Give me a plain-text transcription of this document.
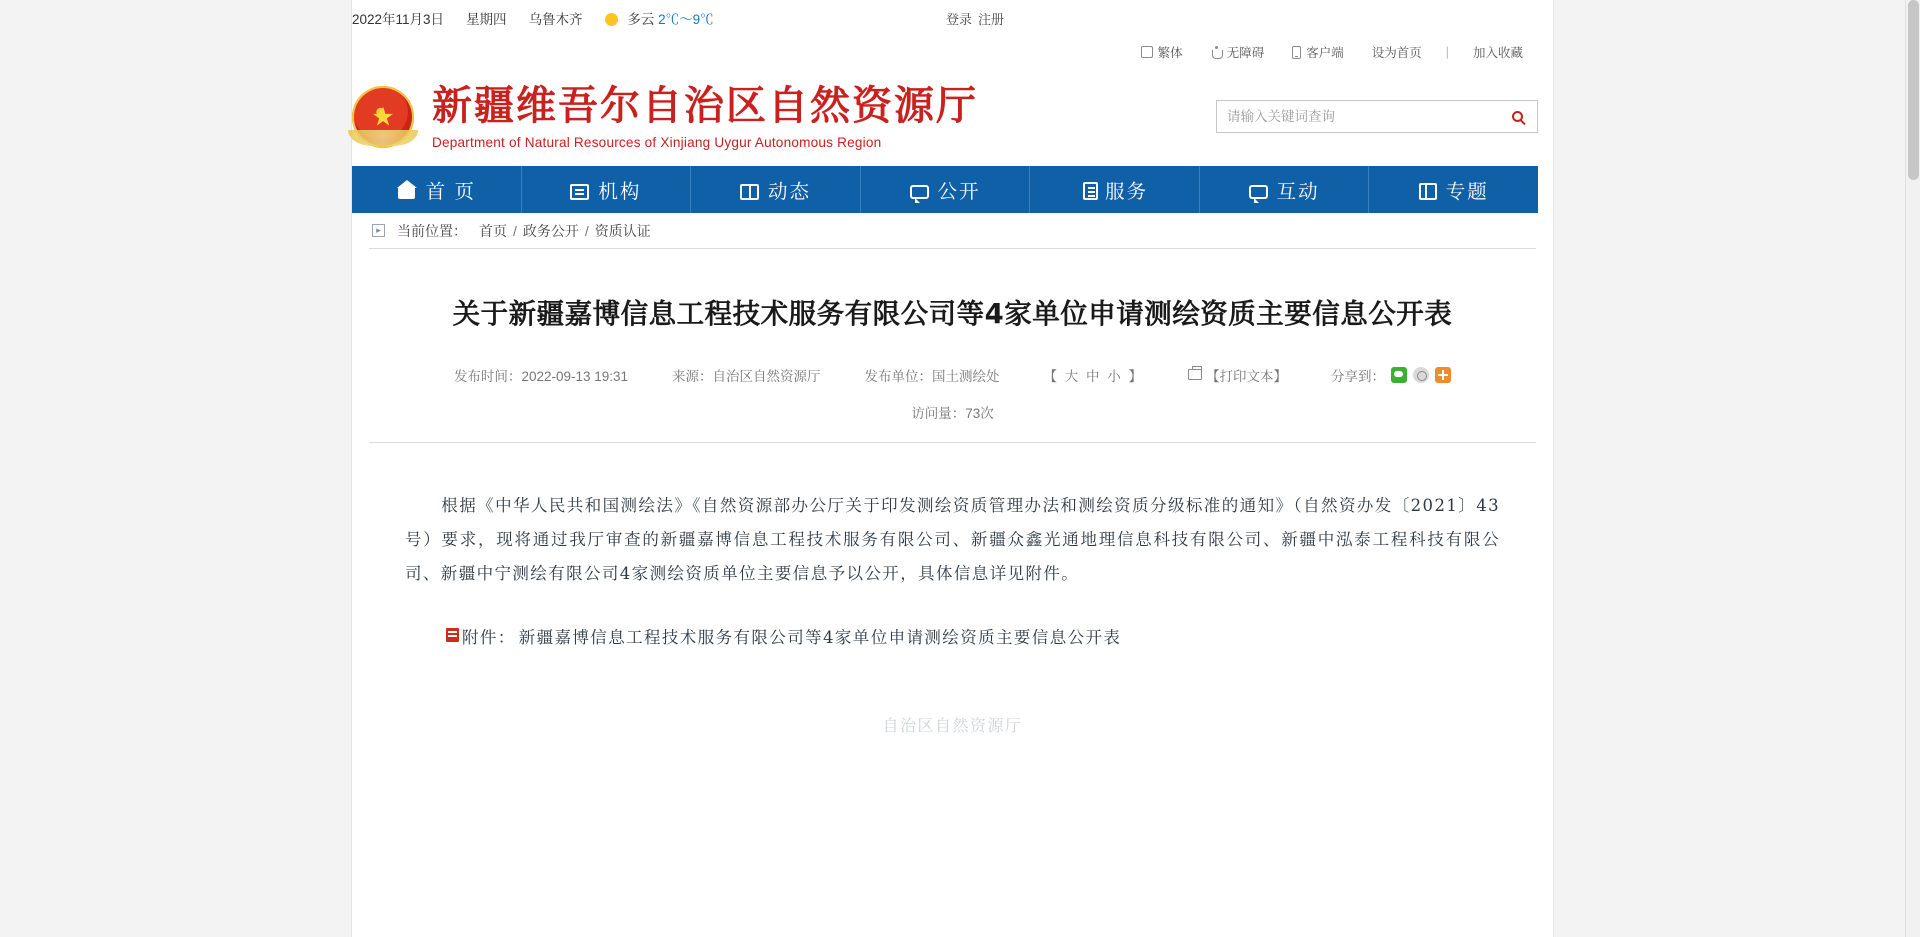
2022年11月3日 星期四 乌鲁木齐	多云 2℃～9℃	登录 注册
繁体	无障碍	客户端	设为首页	|	加入收藏
★
新疆维吾尔自治区自然资源厅
Department of Natural Resources of Xinjiang Uygur Autonomous Region
请输入关键词查询
首 页	机构	动态	公开	服务	互动	专题
▸	当前位置： 首页 / 政务公开 / 资质认证
关于新疆嘉博信息工程技术服务有限公司等4家单位申请测绘资质主要信息公开表
发布时间：2022-09-13 19:31	来源：自治区自然资源厅	发布单位：国土测绘处	【 大 中 小 】	【打印文本】	分享到：
访问量：73次

根据《中华人民共和国测绘法》《自然资源部办公厅关于印发测绘资质管理办法和测绘资质分级标准的通知》（自然资办发〔2021〕43号）要求，现将通过我厅审查的新疆嘉博信息工程技术服务有限公司、新疆众鑫光通地理信息科技有限公司、新疆中泓泰工程科技有限公司、新疆中宁测绘有限公司4家测绘资质单位主要信息予以公开，具体信息详见附件。

附件： 新疆嘉博信息工程技术服务有限公司等4家单位申请测绘资质主要信息公开表
自治区自然资源厅
